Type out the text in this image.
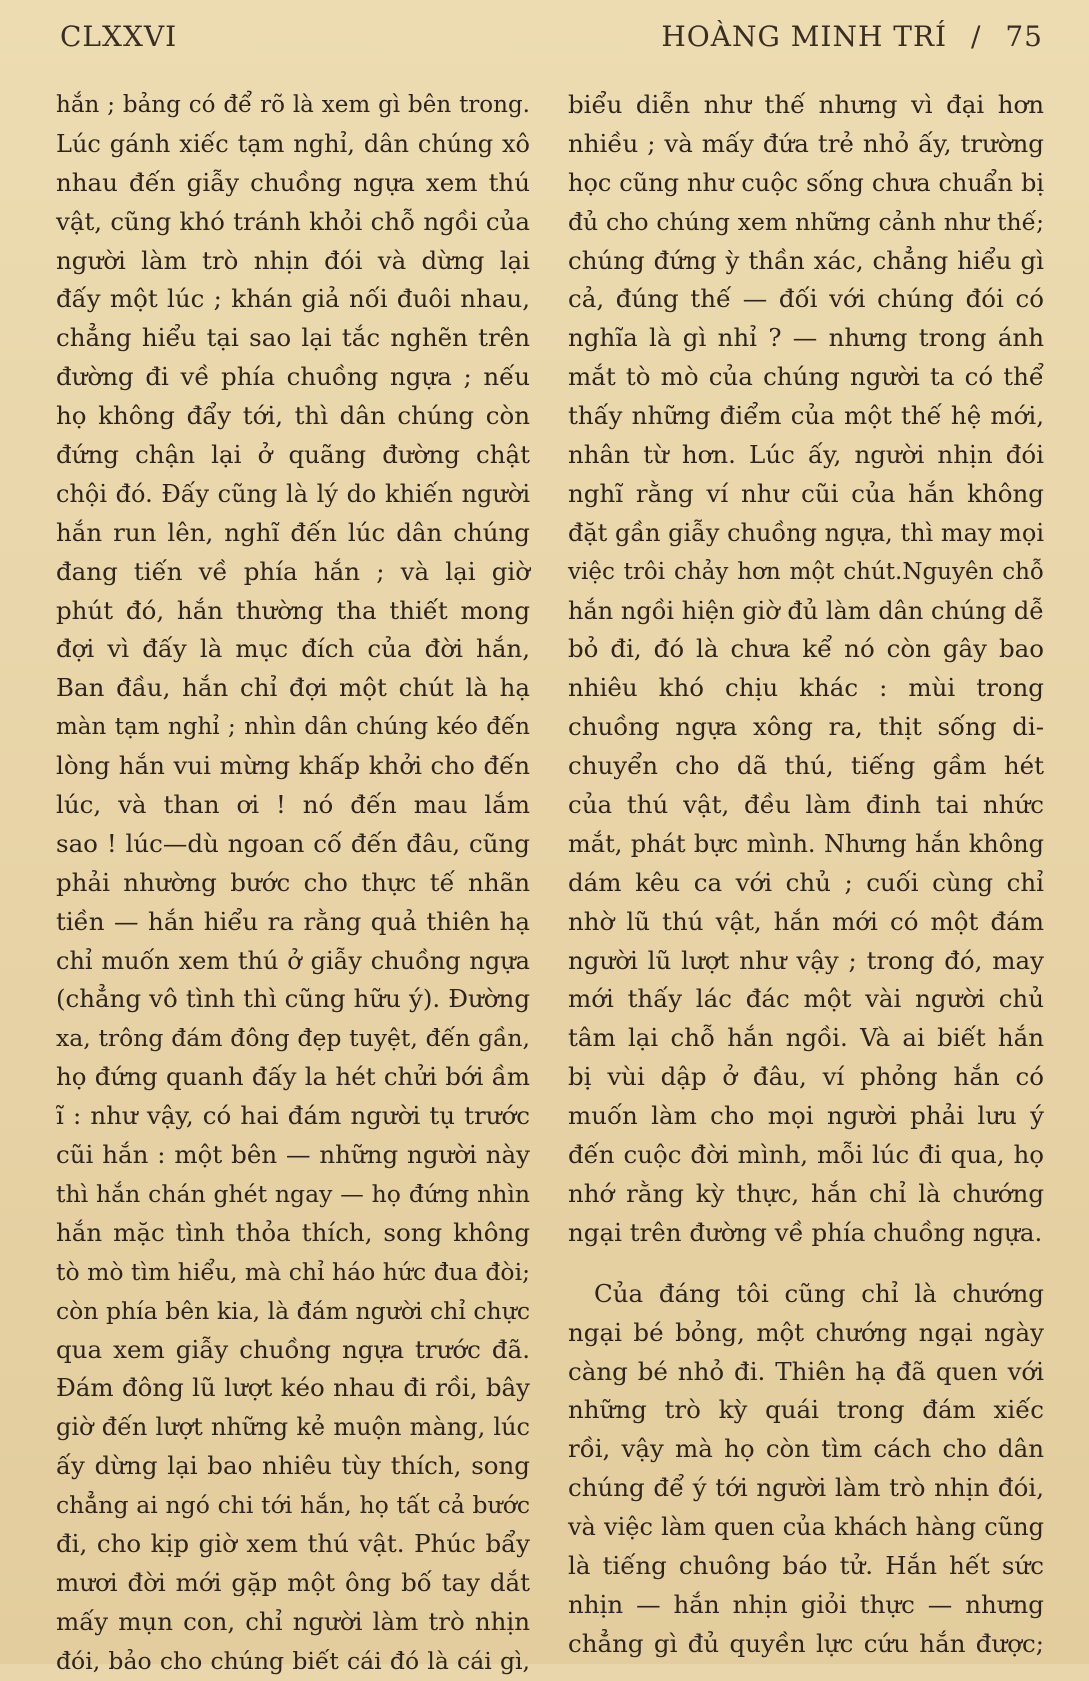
CLXXVI	HOÀNG MINH TRÍ / 75
hắn ; bảng có để rõ là xem gì bên trong.
Lúc gánh xiếc tạm nghỉ, dân chúng xô
nhau đến giẫy chuồng ngựa xem thú
vật, cũng khó tránh khỏi chỗ ngồi của
người làm trò nhịn đói và dừng lại
đấy một lúc ; khán giả nối đuôi nhau,
chẳng hiểu tại sao lại tắc nghẽn trên
đường đi về phía chuồng ngựa ; nếu
họ không đẩy tới, thì dân chúng còn
đứng chận lại ở quãng đường chật
chội đó. Đấy cũng là lý do khiến người
hắn run lên, nghĩ đến lúc dân chúng
đang tiến về phía hắn ; và lại giờ
phút đó, hắn thường tha thiết mong
đợi vì đấy là mục đích của đời hắn,
Ban đầu, hắn chỉ đợi một chút là hạ
màn tạm nghỉ ; nhìn dân chúng kéo đến
lòng hắn vui mừng khấp khởi cho đến
lúc, và than ơi ! nó đến mau lắm
sao ! lúc—dù ngoan cố đến đâu, cũng
phải nhường bước cho thực tế nhãn
tiền — hắn hiểu ra rằng quả thiên hạ
chỉ muốn xem thú ở giẫy chuồng ngựa
(chẳng vô tình thì cũng hữu ý). Đường
xa, trông đám đông đẹp tuyệt, đến gần,
họ đứng quanh đấy la hét chửi bới ầm
ĩ : như vậy, có hai đám người tụ trước
cũi hắn : một bên — những người này
thì hắn chán ghét ngay — họ đứng nhìn
hắn mặc tình thỏa thích, song không
tò mò tìm hiểu, mà chỉ háo hức đua đòi;
còn phía bên kia, là đám người chỉ chực
qua xem giẫy chuồng ngựa trước đã.
Đám đông lũ lượt kéo nhau đi rồi, bây
giờ đến lượt những kẻ muộn màng, lúc
ấy dừng lại bao nhiêu tùy thích, song
chẳng ai ngó chi tới hắn, họ tất cả bước
đi, cho kịp giờ xem thú vật. Phúc bẩy
mươi đời mới gặp một ông bố tay dắt
mấy mụn con, chỉ người làm trò nhịn
đói, bảo cho chúng biết cái đó là cái gì,
biểu diễn như thế nhưng vì đại hơn
nhiều ; và mấy đứa trẻ nhỏ ấy, trường
học cũng như cuộc sống chưa chuẩn bị
đủ cho chúng xem những cảnh như thế;
chúng đứng ỳ thần xác, chẳng hiểu gì
cả, đúng thế — đối với chúng đói có
nghĩa là gì nhỉ ? — nhưng trong ánh
mắt tò mò của chúng người ta có thể
thấy những điểm của một thế hệ mới,
nhân từ hơn. Lúc ấy, người nhịn đói
nghĩ rằng ví như cũi của hắn không
đặt gần giẫy chuồng ngựa, thì may mọi
việc trôi chảy hơn một chút.Nguyên chỗ
hắn ngồi hiện giờ đủ làm dân chúng dễ
bỏ đi, đó là chưa kể nó còn gây bao
nhiêu khó chịu khác : mùi trong
chuồng ngựa xông ra, thịt sống di-
chuyển cho dã thú, tiếng gầm hét
của thú vật, đều làm đinh tai nhức
mắt, phát bực mình. Nhưng hắn không
dám kêu ca với chủ ; cuối cùng chỉ
nhờ lũ thú vật, hắn mới có một đám
người lũ lượt như vậy ; trong đó, may
mới thấy lác đác một vài người chủ
tâm lại chỗ hắn ngồi. Và ai biết hắn
bị vùi dập ở đâu, ví phỏng hắn có
muốn làm cho mọi người phải lưu ý
đến cuộc đời mình, mỗi lúc đi qua, họ
nhớ rằng kỳ thực, hắn chỉ là chướng
ngại trên đường về phía chuồng ngựa.
Của đáng tôi cũng chỉ là chướng
ngại bé bỏng, một chướng ngại ngày
càng bé nhỏ đi. Thiên hạ đã quen với
những trò kỳ quái trong đám xiếc
rồi, vậy mà họ còn tìm cách cho dân
chúng để ý tới người làm trò nhịn đói,
và việc làm quen của khách hàng cũng
là tiếng chuông báo tử. Hắn hết sức
nhịn — hắn nhịn giỏi thực — nhưng
chẳng gì đủ quyền lực cứu hắn được;
